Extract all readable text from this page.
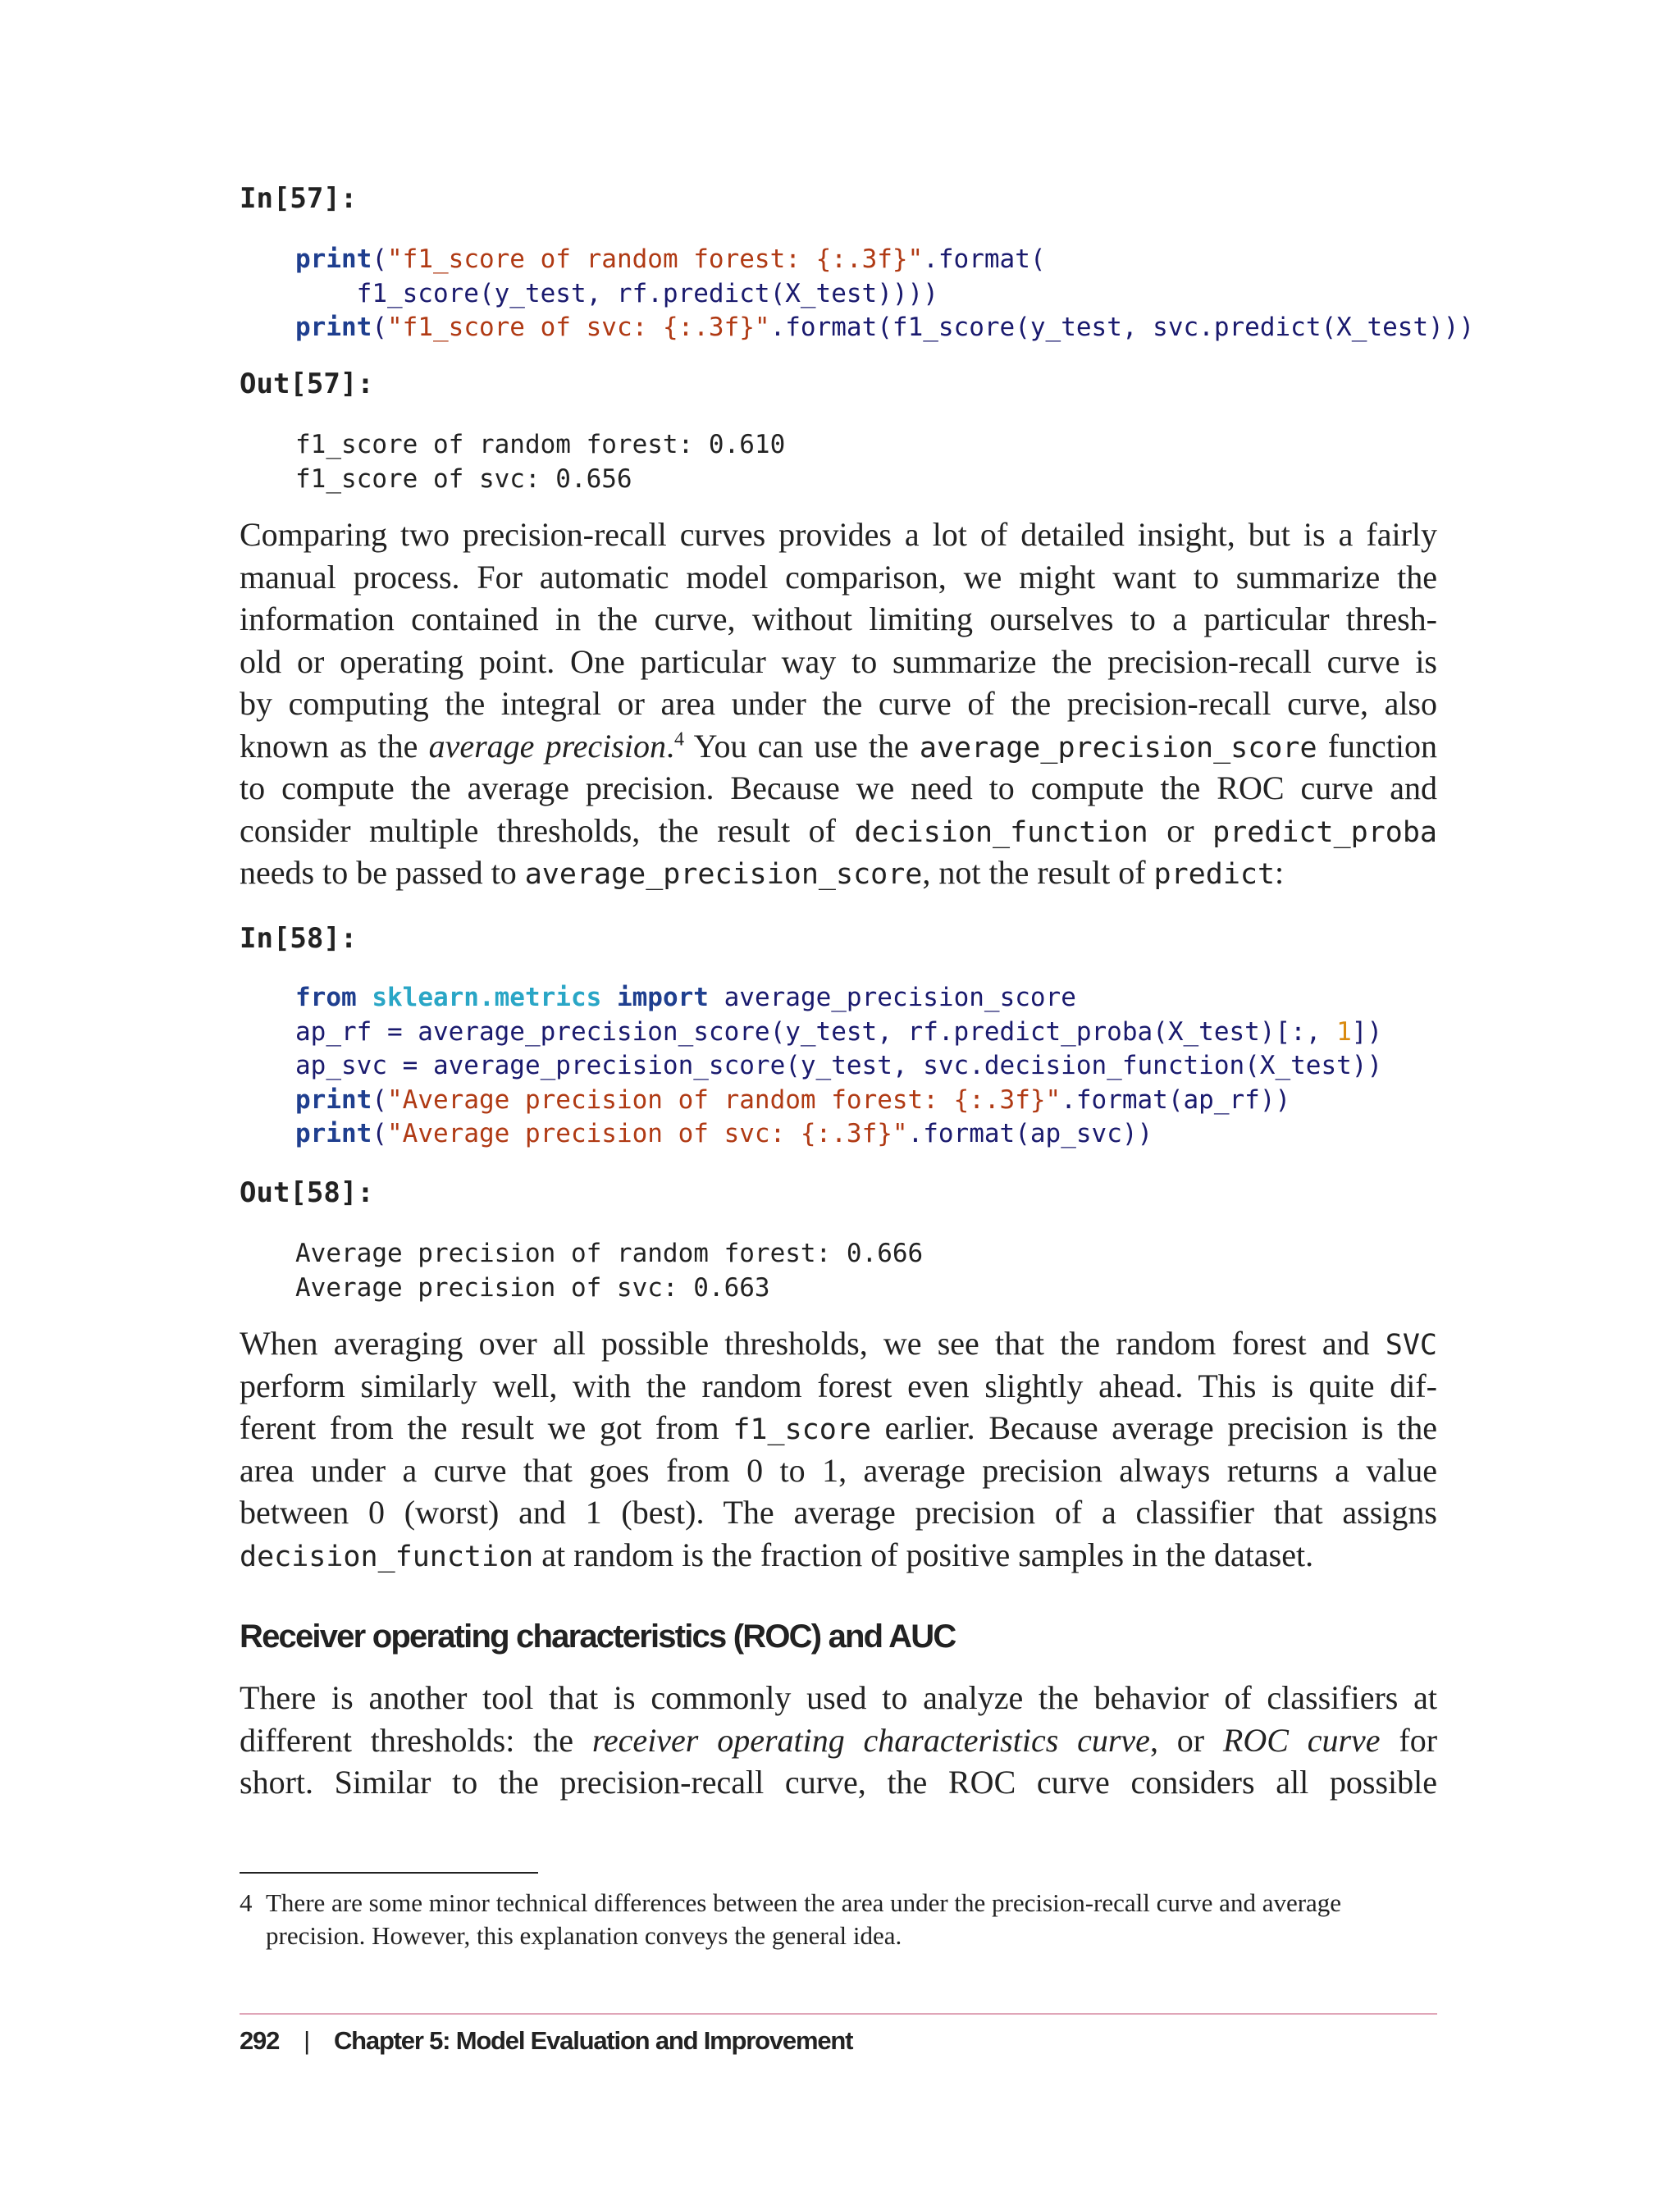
In[57]:
print("f1_score of random forest: {:.3f}".format(
f1_score(y_test, rf.predict(X_test))))
print("f1_score of svc: {:.3f}".format(f1_score(y_test, svc.predict(X_test)))
Out[57]:
f1_score of random forest: 0.610
f1_score of svc: 0.656
Comparing two precision-recall curves provides a lot of detailed insight, but is a fairly
manual process. For automatic model comparison, we might want to summarize the
information contained in the curve, without limiting ourselves to a particular thresh-
old or operating point. One particular way to summarize the precision-recall curve is
by computing the integral or area under the curve of the precision-recall curve, also
known as the average precision.$^4$ You can use the average_precision_score function
to compute the average precision. Because we need to compute the ROC curve and
consider multiple thresholds, the result of decision_function or predict_proba
needs to be passed to average_precision_score, not the result of predict:
In[58]:
from sklearn.metrics import average_precision_score
ap_rf = average_precision_score(y_test, rf.predict_proba(X_test)[:, 1])
ap_svc = average_precision_score(y_test, svc.decision_function(X_test))
print("Average precision of random forest: {:.3f}".format(ap_rf))
print("Average precision of svc: {:.3f}".format(ap_svc))
Out[58]:
Average precision of random forest: 0.666
Average precision of svc: 0.663
When averaging over all possible thresholds, we see that the random forest and SVC
perform similarly well, with the random forest even slightly ahead. This is quite dif-
ferent from the result we got from f1_score earlier. Because average precision is the
area under a curve that goes from 0 to 1, average precision always returns a value
between 0 (worst) and 1 (best). The average precision of a classifier that assigns
decision_function at random is the fraction of positive samples in the dataset.
Receiver operating characteristics (ROC) and AUC
There is another tool that is commonly used to analyze the behavior of classifiers at
different thresholds: the receiver operating characteristics curve, or ROC curve for
short. Similar to the precision-recall curve, the ROC curve considers all possible
4 There are some minor technical differences between the area under the precision-recall curve and average
precision. However, this explanation conveys the general idea.
292 | Chapter 5: Model Evaluation and Improvement
